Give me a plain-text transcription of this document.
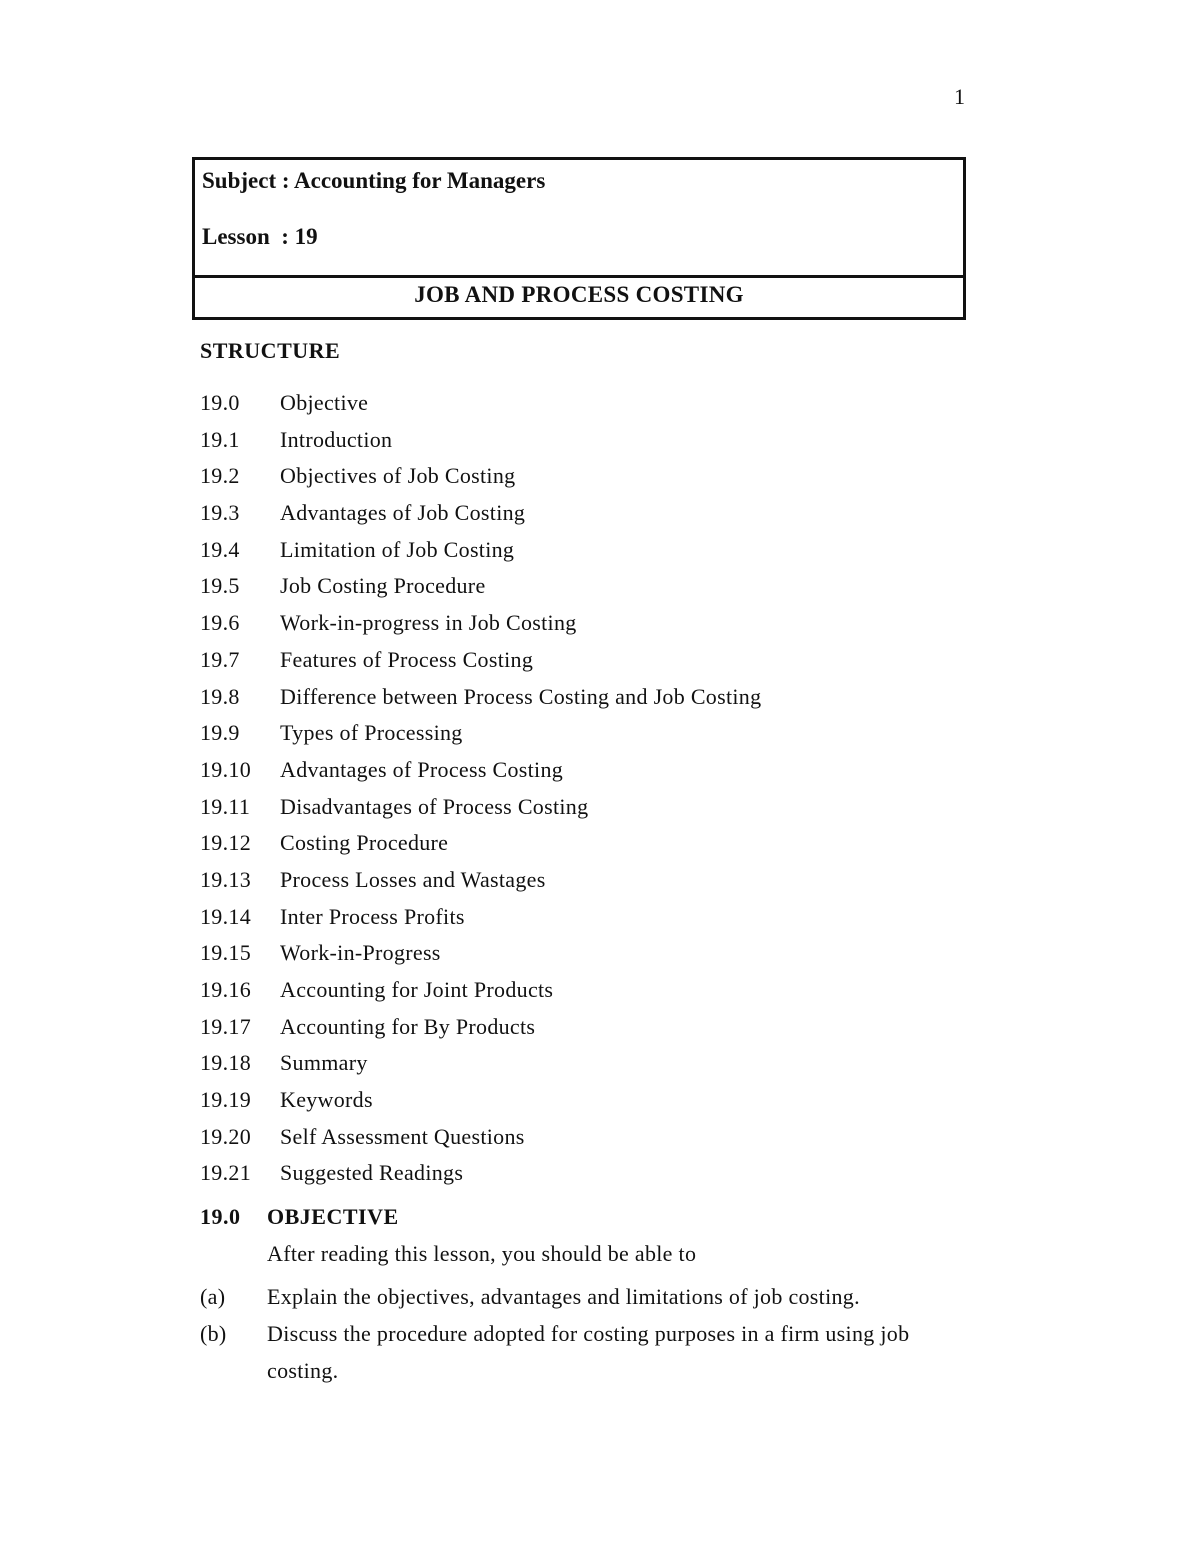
1
Subject : Accounting for Managers
Lesson  : 19
JOB AND PROCESS COSTING
STRUCTURE
19.0 Objective
19.1 Introduction
19.2 Objectives of Job Costing
19.3 Advantages of Job Costing
19.4 Limitation of Job Costing
19.5 Job Costing Procedure
19.6 Work-in-progress in Job Costing
19.7 Features of Process Costing
19.8 Difference between Process Costing and Job Costing
19.9 Types of Processing
19.10 Advantages of Process Costing
19.11 Disadvantages of Process Costing
19.12 Costing Procedure
19.13 Process Losses and Wastages
19.14 Inter Process Profits
19.15 Work-in-Progress
19.16 Accounting for Joint Products
19.17 Accounting for By Products
19.18 Summary
19.19 Keywords
19.20 Self Assessment Questions
19.21 Suggested Readings
19.0 OBJECTIVE
After reading this lesson, you should be able to
(a) Explain the objectives, advantages and limitations of job costing.
(b) Discuss the procedure adopted for costing purposes in a firm using job costing.
